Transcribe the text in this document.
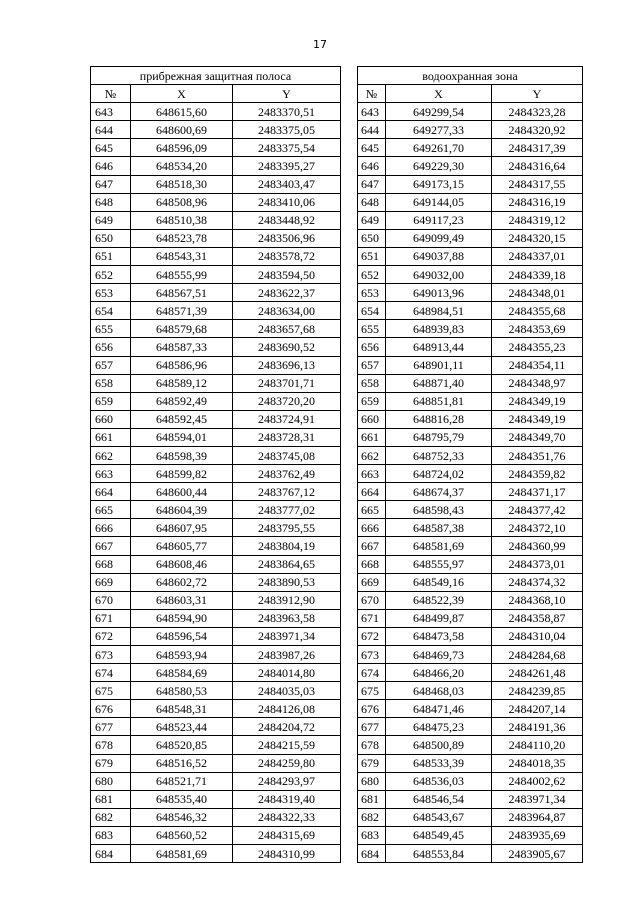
17
прибрежная защитная полоса		
№	X	Y
643	648615,60	2483370,51
644	648600,69	2483375,05
645	648596,09	2483375,54
646	648534,20	2483395,27
647	648518,30	2483403,47
648	648508,96	2483410,06
649	648510,38	2483448,92
650	648523,78	2483506,96
651	648543,31	2483578,72
652	648555,99	2483594,50
653	648567,51	2483622,37
654	648571,39	2483634,00
655	648579,68	2483657,68
656	648587,33	2483690,52
657	648586,96	2483696,13
658	648589,12	2483701,71
659	648592,49	2483720,20
660	648592,45	2483724,91
661	648594,01	2483728,31
662	648598,39	2483745,08
663	648599,82	2483762,49
664	648600,44	2483767,12
665	648604,39	2483777,02
666	648607,95	2483795,55
667	648605,77	2483804,19
668	648608,46	2483864,65
669	648602,72	2483890,53
670	648603,31	2483912,90
671	648594,90	2483963,58
672	648596,54	2483971,34
673	648593,94	2483987,26
674	648584,69	2484014,80
675	648580,53	2484035,03
676	648548,31	2484126,08
677	648523,44	2484204,72
678	648520,85	2484215,59
679	648516,52	2484259,80
680	648521,71	2484293,97
681	648535,40	2484319,40
682	648546,32	2484322,33
683	648560,52	2484315,69
684	648581,69	2484310,99
водоохранная зона		
№	X	Y
643	649299,54	2484323,28
644	649277,33	2484320,92
645	649261,70	2484317,39
646	649229,30	2484316,64
647	649173,15	2484317,55
648	649144,05	2484316,19
649	649117,23	2484319,12
650	649099,49	2484320,15
651	649037,88	2484337,01
652	649032,00	2484339,18
653	649013,96	2484348,01
654	648984,51	2484355,68
655	648939,83	2484353,69
656	648913,44	2484355,23
657	648901,11	2484354,11
658	648871,40	2484348,97
659	648851,81	2484349,19
660	648816,28	2484349,19
661	648795,79	2484349,70
662	648752,33	2484351,76
663	648724,02	2484359,82
664	648674,37	2484371,17
665	648598,43	2484377,42
666	648587,38	2484372,10
667	648581,69	2484360,99
668	648555,97	2484373,01
669	648549,16	2484374,32
670	648522,39	2484368,10
671	648499,87	2484358,87
672	648473,58	2484310,04
673	648469,73	2484284,68
674	648466,20	2484261,48
675	648468,03	2484239,85
676	648471,46	2484207,14
677	648475,23	2484191,36
678	648500,89	2484110,20
679	648533,39	2484018,35
680	648536,03	2484002,62
681	648546,54	2483971,34
682	648543,67	2483964,87
683	648549,45	2483935,69
684	648553,84	2483905,67
